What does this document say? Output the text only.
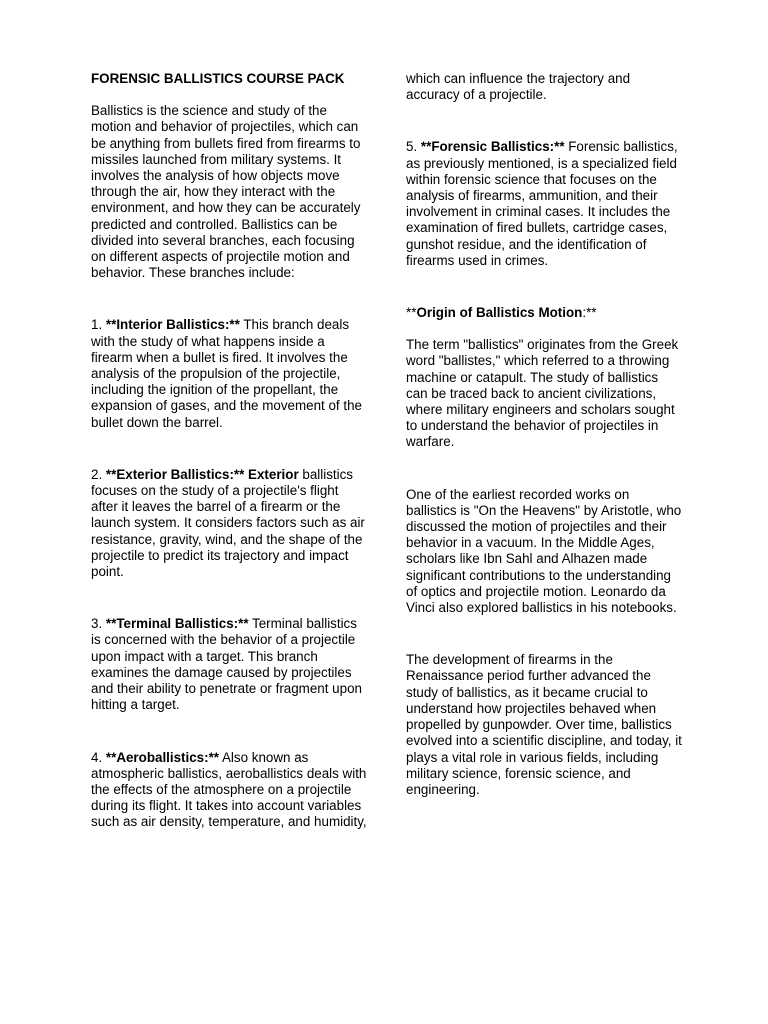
FORENSIC BALLISTICS COURSE PACK

Ballistics is the science and study of the motion and behavior of projectiles, which can be anything from bullets fired from firearms to missiles launched from military systems. It involves the analysis of how objects move through the air, how they interact with the environment, and how they can be accurately predicted and controlled. Ballistics can be divided into several branches, each focusing on different aspects of projectile motion and behavior. These branches include:

1. **Interior Ballistics:** This branch deals with the study of what happens inside a firearm when a bullet is fired. It involves the analysis of the propulsion of the projectile, including the ignition of the propellant, the expansion of gases, and the movement of the bullet down the barrel.

2. **Exterior Ballistics:** Exterior ballistics focuses on the study of a projectile's flight after it leaves the barrel of a firearm or the launch system. It considers factors such as air resistance, gravity, wind, and the shape of the projectile to predict its trajectory and impact point.

3. **Terminal Ballistics:** Terminal ballistics is concerned with the behavior of a projectile upon impact with a target. This branch examines the damage caused by projectiles and their ability to penetrate or fragment upon hitting a target.

4. **Aeroballistics:** Also known as atmospheric ballistics, aeroballistics deals with the effects of the atmosphere on a projectile during its flight. It takes into account variables such as air density, temperature, and humidity,

which can influence the trajectory and accuracy of a projectile.

5. **Forensic Ballistics:** Forensic ballistics, as previously mentioned, is a specialized field within forensic science that focuses on the analysis of firearms, ammunition, and their involvement in criminal cases. It includes the examination of fired bullets, cartridge cases, gunshot residue, and the identification of firearms used in crimes.

**Origin of Ballistics Motion:**

The term "ballistics" originates from the Greek word "ballistes," which referred to a throwing machine or catapult. The study of ballistics can be traced back to ancient civilizations, where military engineers and scholars sought to understand the behavior of projectiles in warfare.

One of the earliest recorded works on ballistics is "On the Heavens" by Aristotle, who discussed the motion of projectiles and their behavior in a vacuum. In the Middle Ages, scholars like Ibn Sahl and Alhazen made significant contributions to the understanding of optics and projectile motion. Leonardo da Vinci also explored ballistics in his notebooks.

The development of firearms in the Renaissance period further advanced the study of ballistics, as it became crucial to understand how projectiles behaved when propelled by gunpowder. Over time, ballistics evolved into a scientific discipline, and today, it plays a vital role in various fields, including military science, forensic science, and engineering.
